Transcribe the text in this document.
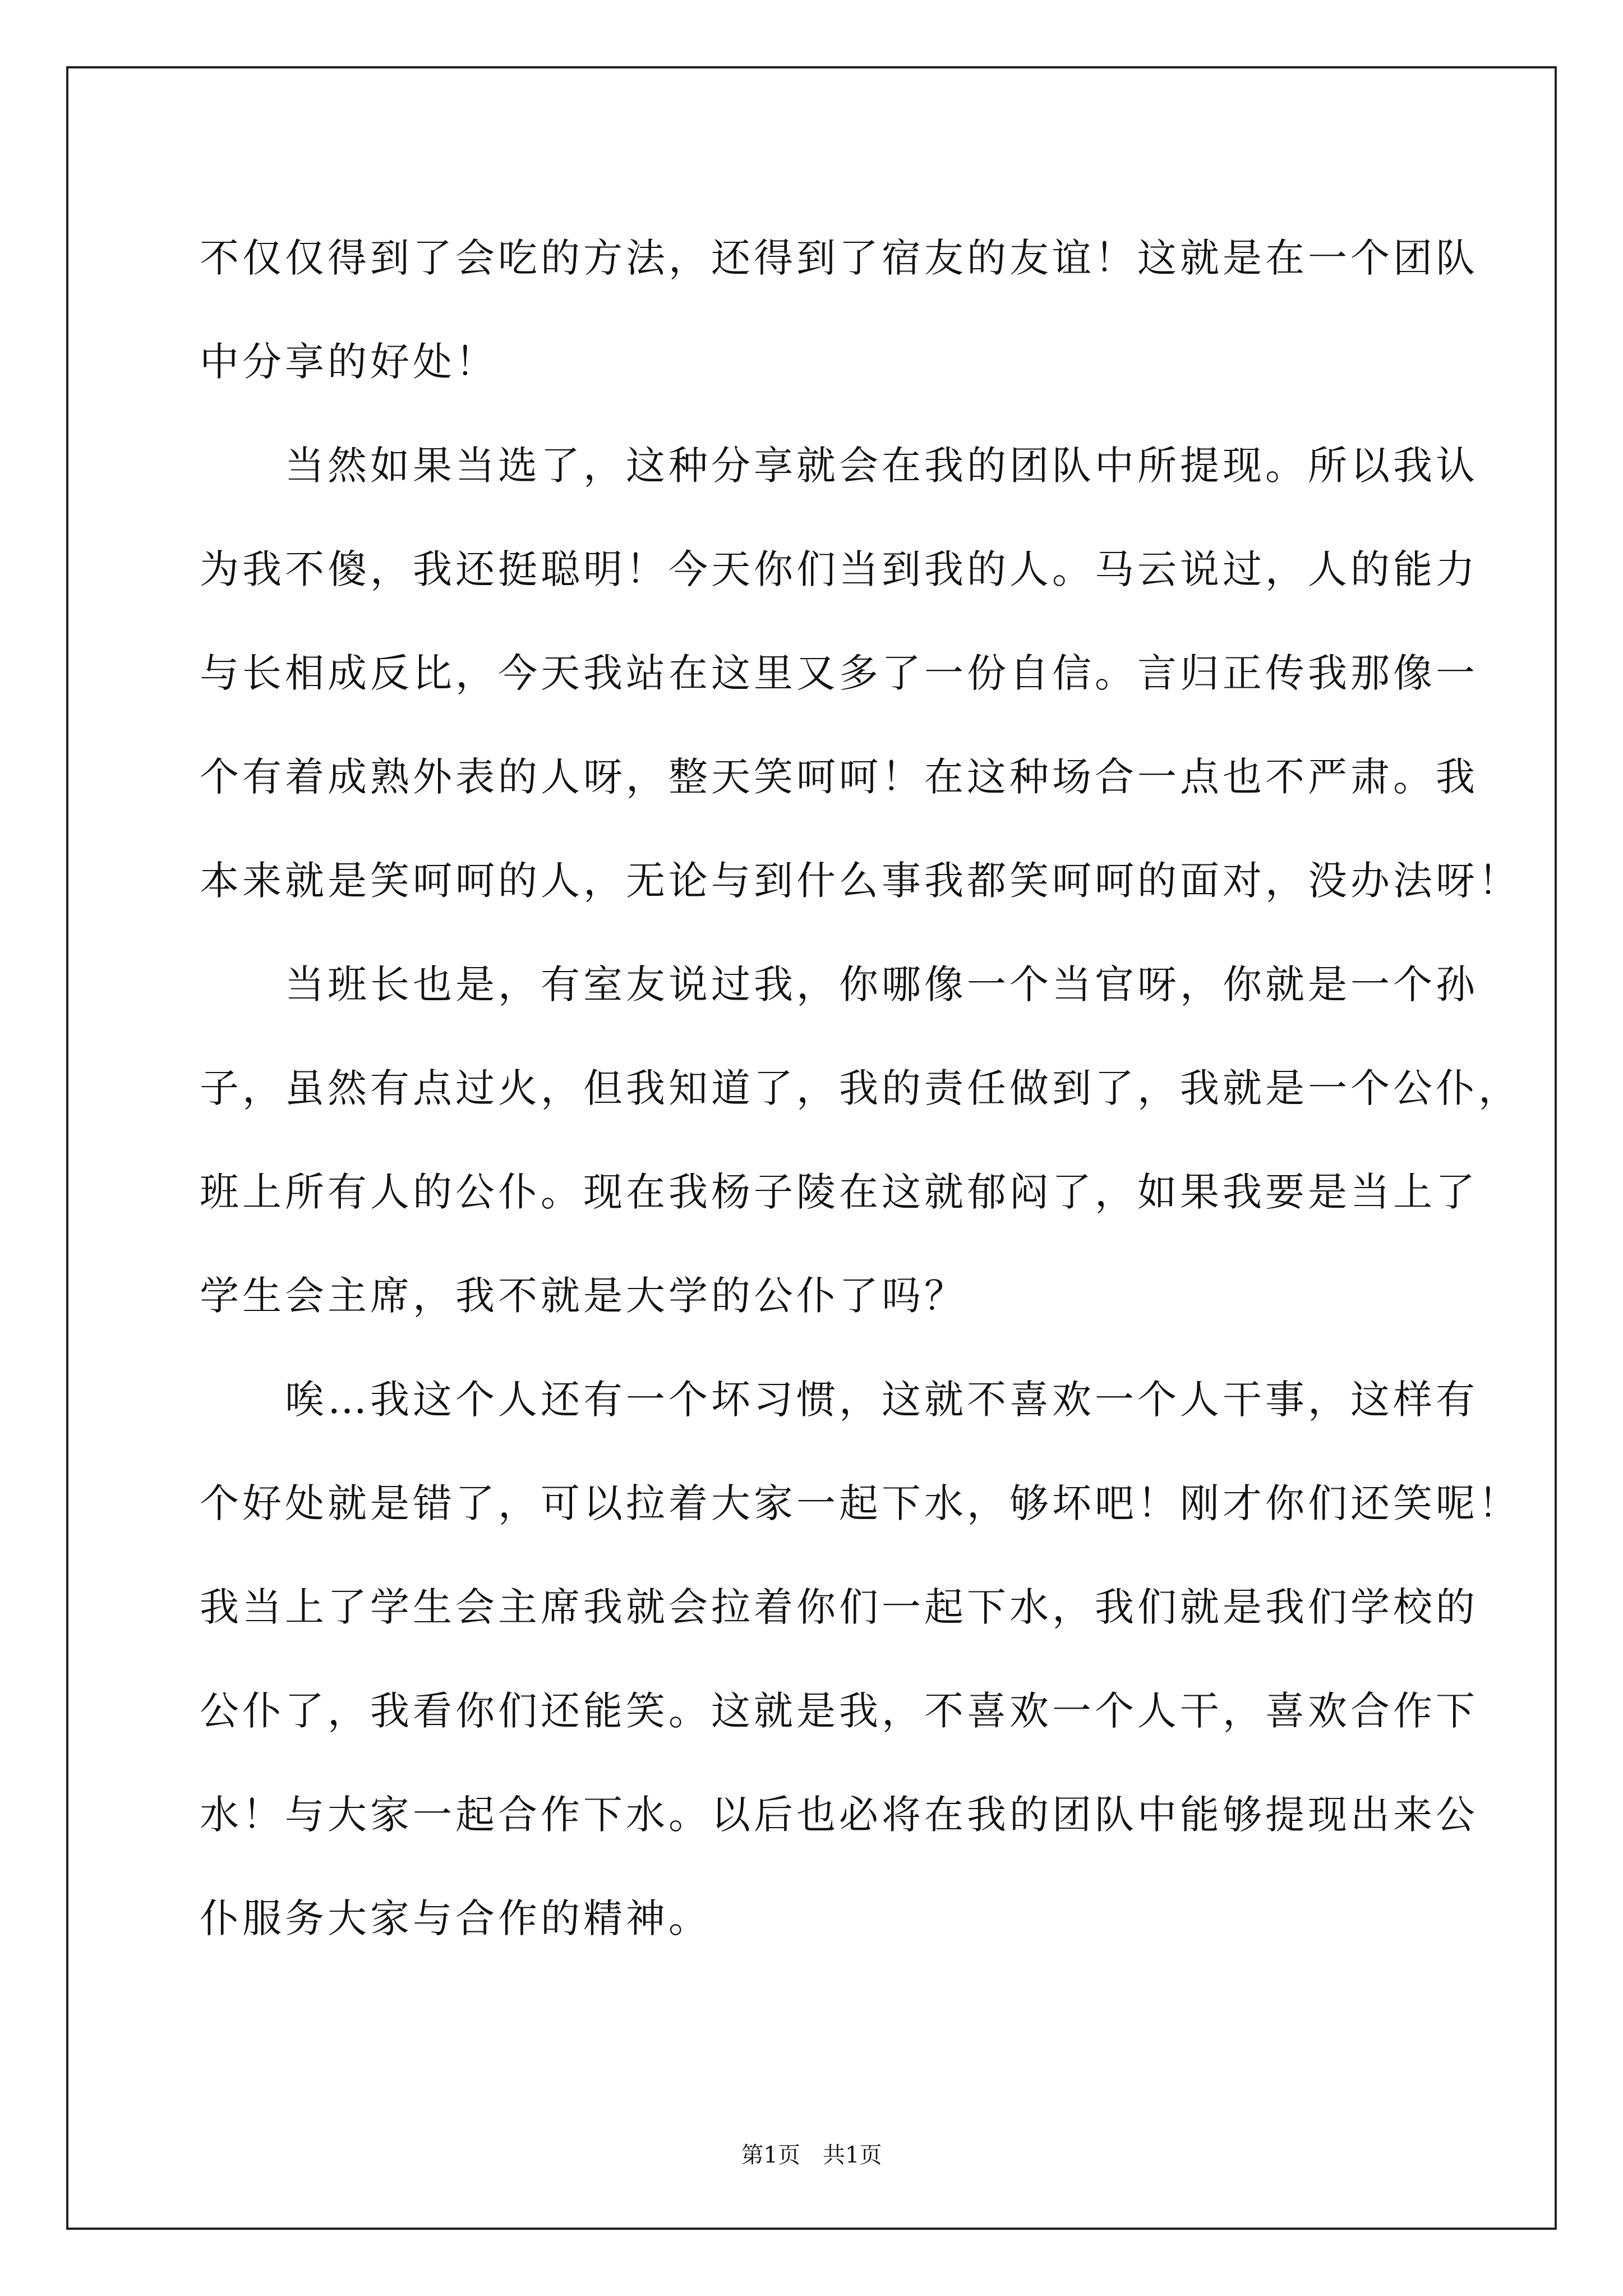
不仅仅得到了会吃的方法，还得到了宿友的友谊！这就是在一个团队
中分享的好处！

　　当然如果当选了，这种分享就会在我的团队中所提现。所以我认
为我不傻，我还挺聪明！今天你们当到我的人。马云说过，人的能力
与长相成反比，今天我站在这里又多了一份自信。言归正传我那像一
个有着成熟外表的人呀，整天笑呵呵！在这种场合一点也不严肃。我
本来就是笑呵呵的人，无论与到什么事我都笑呵呵的面对，没办法呀！

　　当班长也是，有室友说过我，你哪像一个当官呀，你就是一个孙
子，虽然有点过火，但我知道了，我的责任做到了，我就是一个公仆，
班上所有人的公仆。现在我杨子陵在这就郁闷了，如果我要是当上了
学生会主席，我不就是大学的公仆了吗？

　　唉…我这个人还有一个坏习惯，这就不喜欢一个人干事，这样有
个好处就是错了，可以拉着大家一起下水，够坏吧！刚才你们还笑呢！
我当上了学生会主席我就会拉着你们一起下水，我们就是我们学校的
公仆了，我看你们还能笑。这就是我，不喜欢一个人干，喜欢合作下
水！与大家一起合作下水。以后也必将在我的团队中能够提现出来公
仆服务大家与合作的精神。

第1页　共1页
